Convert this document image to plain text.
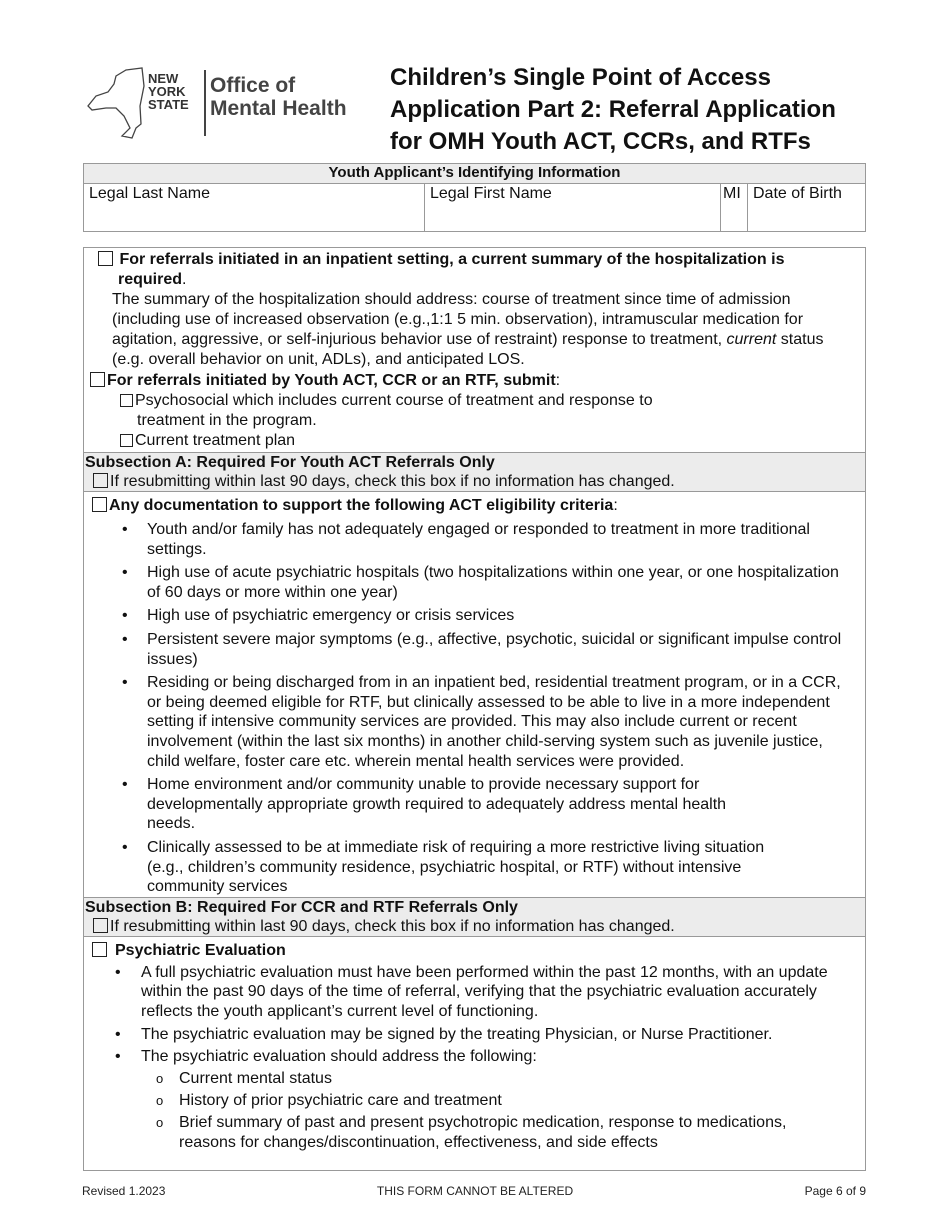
NEW
YORK
STATE
Office of
Mental Health
Children’s Single Point of Access
Application Part 2: Referral Application
for OMH Youth ACT, CCRs, and RTFs
Youth Applicant’s Identifying Information
Legal Last Name	Legal First Name	MI	Date of Birth
For referrals initiated in an inpatient setting, a current summary of the hospitalization is required.
The summary of the hospitalization should address: course of treatment since time of admission (including use of increased observation (e.g.,1:1 5 min. observation), intramuscular medication for agitation, aggressive, or self-injurious behavior use of restraint) response to treatment, current status (e.g. overall behavior on unit, ADLs), and anticipated LOS.
For referrals initiated by Youth ACT, CCR or an RTF, submit:
Psychosocial which includes current course of treatment and response to treatment in the program.
Current treatment plan
Subsection A: Required For Youth ACT Referrals Only
If resubmitting within last 90 days, check this box if no information has changed.
Any documentation to support the following ACT eligibility criteria:
• Youth and/or family has not adequately engaged or responded to treatment in more traditional settings.
• High use of acute psychiatric hospitals (two hospitalizations within one year, or one hospitalization of 60 days or more within one year)
• High use of psychiatric emergency or crisis services
• Persistent severe major symptoms (e.g., affective, psychotic, suicidal or significant impulse control issues)
• Residing or being discharged from in an inpatient bed, residential treatment program, or in a CCR, or being deemed eligible for RTF, but clinically assessed to be able to live in a more independent setting if intensive community services are provided. This may also include current or recent involvement (within the last six months) in another child-serving system such as juvenile justice, child welfare, foster care etc. wherein mental health services were provided.
• Home environment and/or community unable to provide necessary support for developmentally appropriate growth required to adequately address mental health needs.
• Clinically assessed to be at immediate risk of requiring a more restrictive living situation (e.g., children’s community residence, psychiatric hospital, or RTF) without intensive community services
Subsection B: Required For CCR and RTF Referrals Only
If resubmitting within last 90 days, check this box if no information has changed.
Psychiatric Evaluation
• A full psychiatric evaluation must have been performed within the past 12 months, with an update within the past 90 days of the time of referral, verifying that the psychiatric evaluation accurately reflects the youth applicant’s current level of functioning.
• The psychiatric evaluation may be signed by the treating Physician, or Nurse Practitioner.
• The psychiatric evaluation should address the following:
o Current mental status
o History of prior psychiatric care and treatment
o Brief summary of past and present psychotropic medication, response to medications, reasons for changes/discontinuation, effectiveness, and side effects
Revised 1.2023	THIS FORM CANNOT BE ALTERED	Page 6 of 9
